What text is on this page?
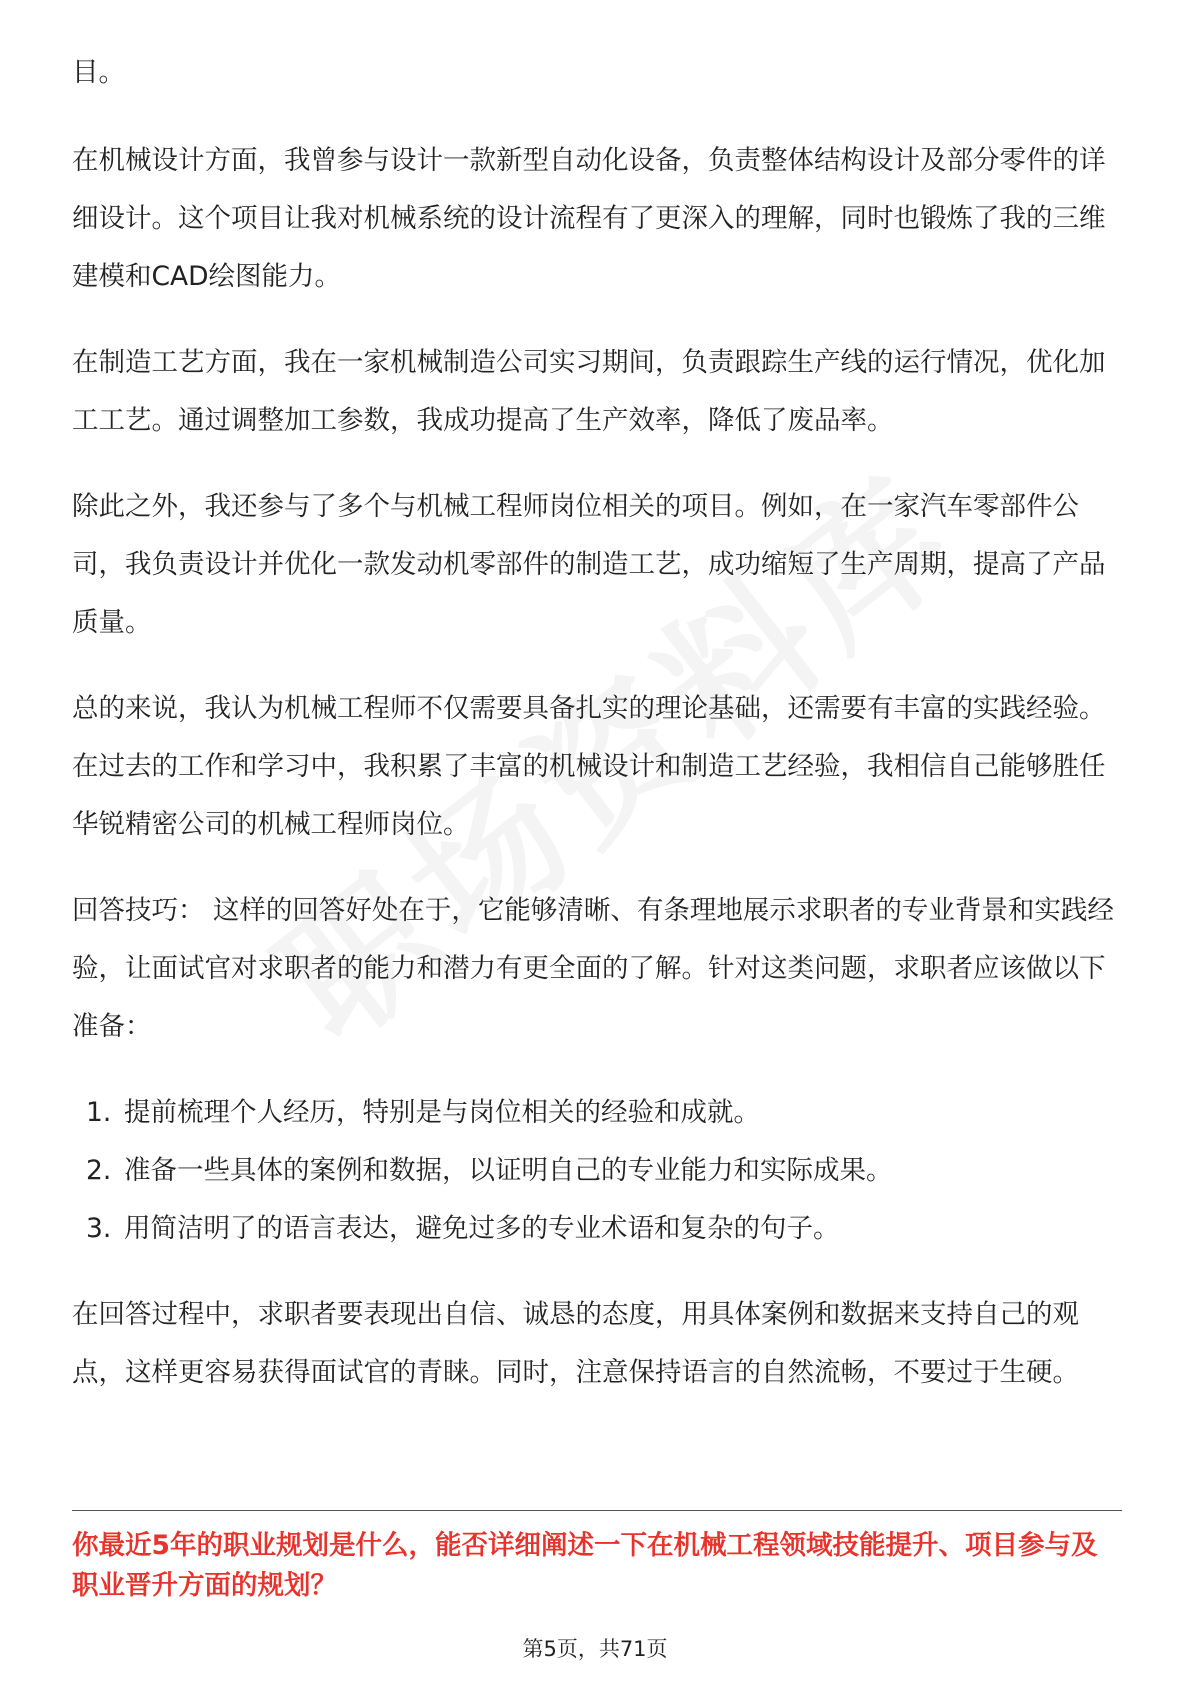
目。

在机械设计方面，我曾参与设计一款新型自动化设备，负责整体结构设计及部分零件的详细设计。这个项目让我对机械系统的设计流程有了更深入的理解，同时也锻炼了我的三维建模和CAD绘图能力。

在制造工艺方面，我在一家机械制造公司实习期间，负责跟踪生产线的运行情况，优化加工工艺。通过调整加工参数，我成功提高了生产效率，降低了废品率。

除此之外，我还参与了多个与机械工程师岗位相关的项目。例如，在一家汽车零部件公司，我负责设计并优化一款发动机零部件的制造工艺，成功缩短了生产周期，提高了产品质量。

总的来说，我认为机械工程师不仅需要具备扎实的理论基础，还需要有丰富的实践经验。在过去的工作和学习中，我积累了丰富的机械设计和制造工艺经验，我相信自己能够胜任华锐精密公司的机械工程师岗位。

回答技巧： 这样的回答好处在于，它能够清晰、有条理地展示求职者的专业背景和实践经验，让面试官对求职者的能力和潜力有更全面的了解。针对这类问题，求职者应该做以下准备：

1. 提前梳理个人经历，特别是与岗位相关的经验和成就。
2. 准备一些具体的案例和数据，以证明自己的专业能力和实际成果。
3. 用简洁明了的语言表达，避免过多的专业术语和复杂的句子。

在回答过程中，求职者要表现出自信、诚恳的态度，用具体案例和数据来支持自己的观点，这样更容易获得面试官的青睐。同时，注意保持语言的自然流畅，不要过于生硬。

你最近5年的职业规划是什么，能否详细阐述一下在机械工程领域技能提升、项目参与及职业晋升方面的规划？
第5页，共71页
